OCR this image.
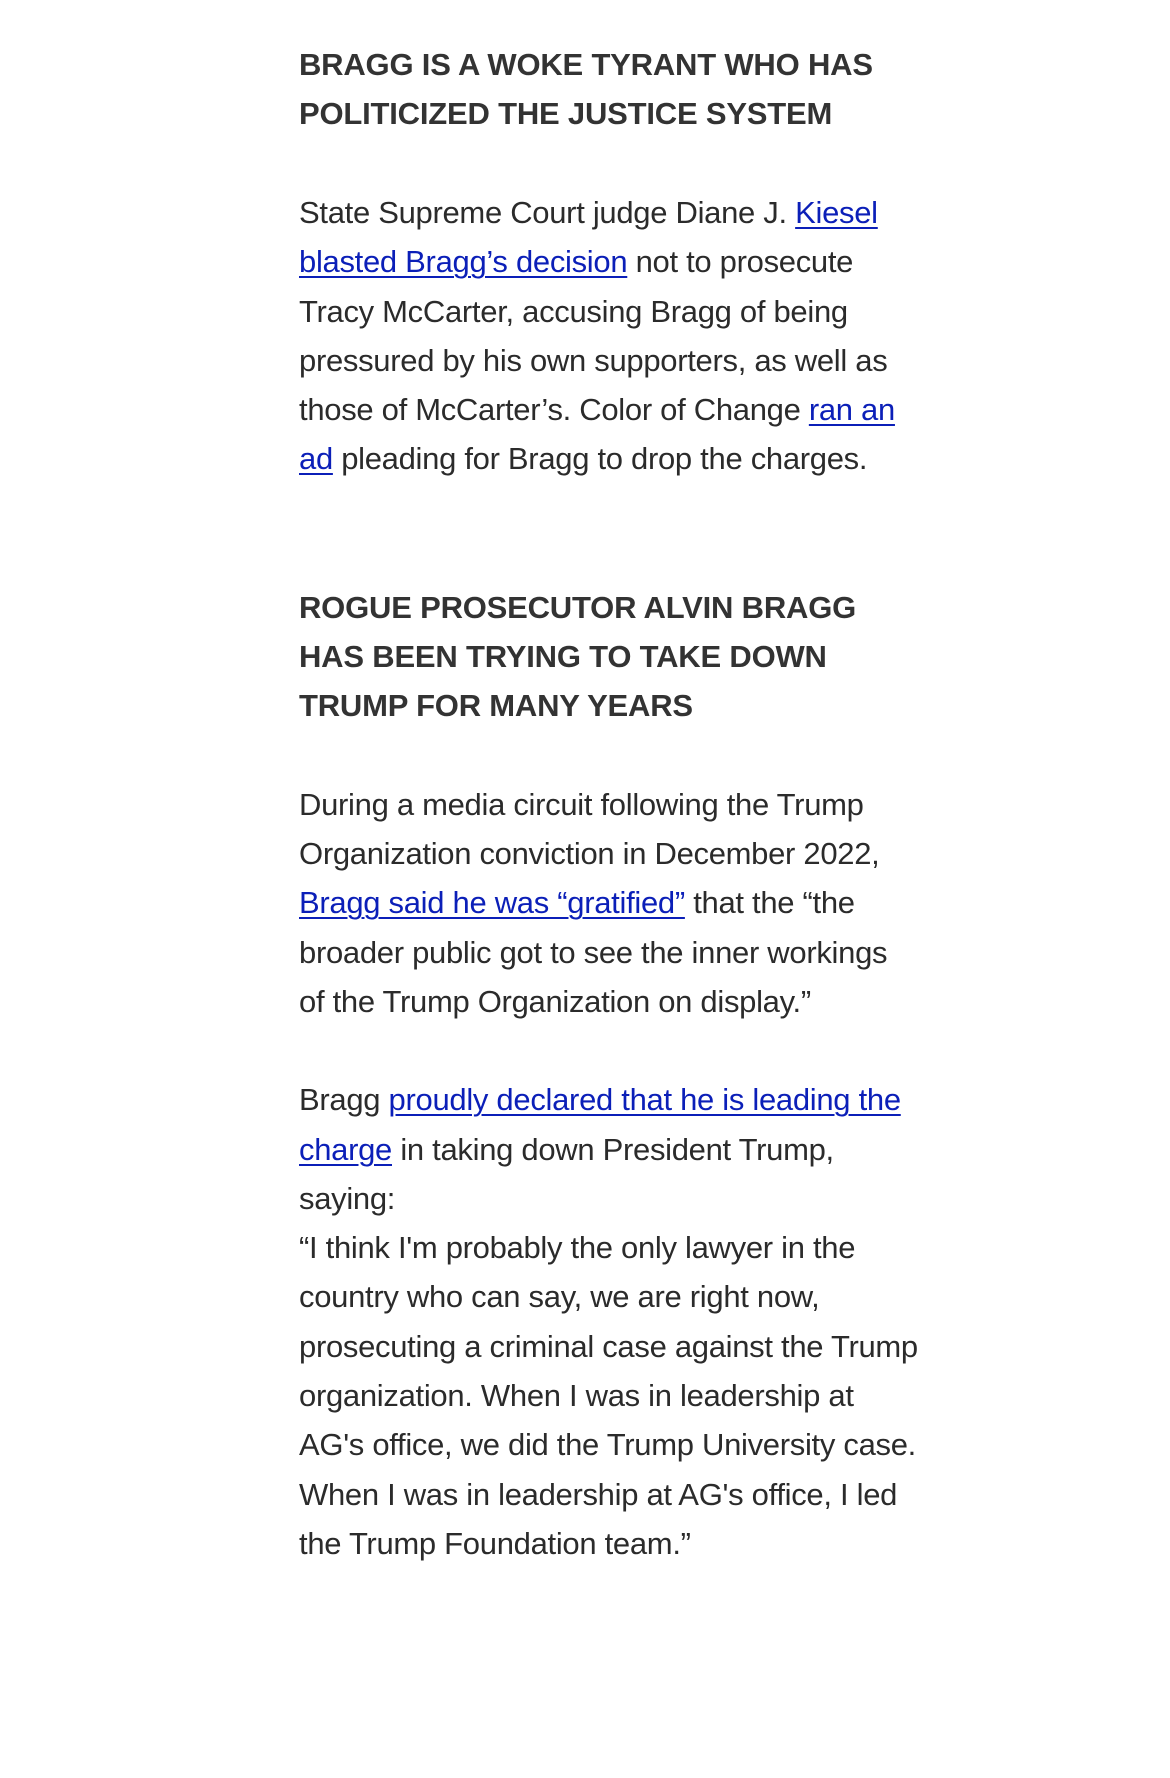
BRAGG IS A WOKE TYRANT WHO HAS POLITICIZED THE JUSTICE SYSTEM

State Supreme Court judge Diane J. Kiesel blasted Bragg’s decision not to prosecute Tracy McCarter, accusing Bragg of being pressured by his own supporters, as well as those of McCarter’s. Color of Change ran an ad pleading for Bragg to drop the charges.

ROGUE PROSECUTOR ALVIN BRAGG HAS BEEN TRYING TO TAKE DOWN TRUMP FOR MANY YEARS

During a media circuit following the Trump Organization conviction in December 2022, Bragg said he was “gratified” that the “the broader public got to see the inner workings of the Trump Organization on display.”

Bragg proudly declared that he is leading the charge in taking down President Trump, saying:
“I think I'm probably the only lawyer in the country who can say, we are right now, prosecuting a criminal case against the Trump organization. When I was in leadership at AG's office, we did the Trump University case. When I was in leadership at AG's office, I led the Trump Foundation team.”
